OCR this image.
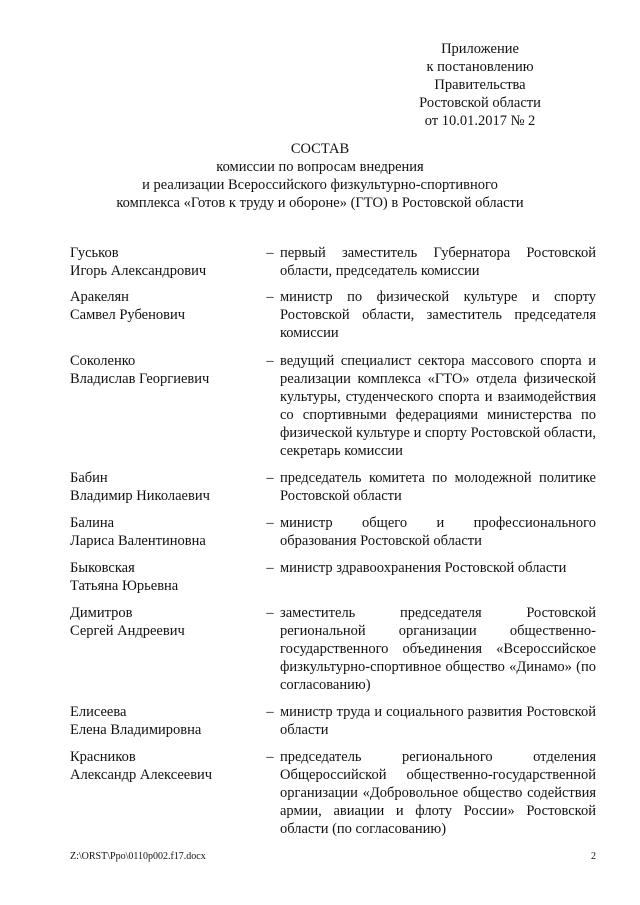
Приложение
к постановлению
Правительства
Ростовской области
от 10.01.2017 № 2
СОСТАВ
комиссии по вопросам внедрения
и реализации Всероссийского физкультурно-спортивного
комплекса «Готов к труду и обороне» (ГТО) в Ростовской области
Гуськов
Игорь Александрович
– первый заместитель Губернатора Ростовской области, председатель комиссии
Аракелян
Самвел Рубенович
– министр по физической культуре и спорту Ростовской области, заместитель председателя комиссии
Соколенко
Владислав Георгиевич
– ведущий специалист сектора массового спорта и реализации комплекса «ГТО» отдела физической культуры, студенческого спорта и взаимодействия со спортивными федерациями министерства по физической культуре и спорту Ростовской области, секретарь комиссии
Бабин
Владимир Николаевич
– председатель комитета по молодежной политике Ростовской области
Балина
Лариса Валентиновна
– министр общего и профессионального образования Ростовской области
Быковская
Татьяна Юрьевна
– министр здравоохранения Ростовской области
Димитров
Сергей Андреевич
– заместитель председателя Ростовской региональной организации общественно-государственного объединения «Всероссийское физкультурно-спортивное общество «Динамо» (по согласованию)
Елисеева
Елена Владимировна
– министр труда и социального развития Ростовской области
Красников
Александр Алексеевич
– председатель регионального отделения Общероссийской общественно-государственной организации «Добровольное общество содействия армии, авиации и флоту России» Ростовской области (по согласованию)
Z:\ORST\Ppo\0110p002.f17.docx	2
